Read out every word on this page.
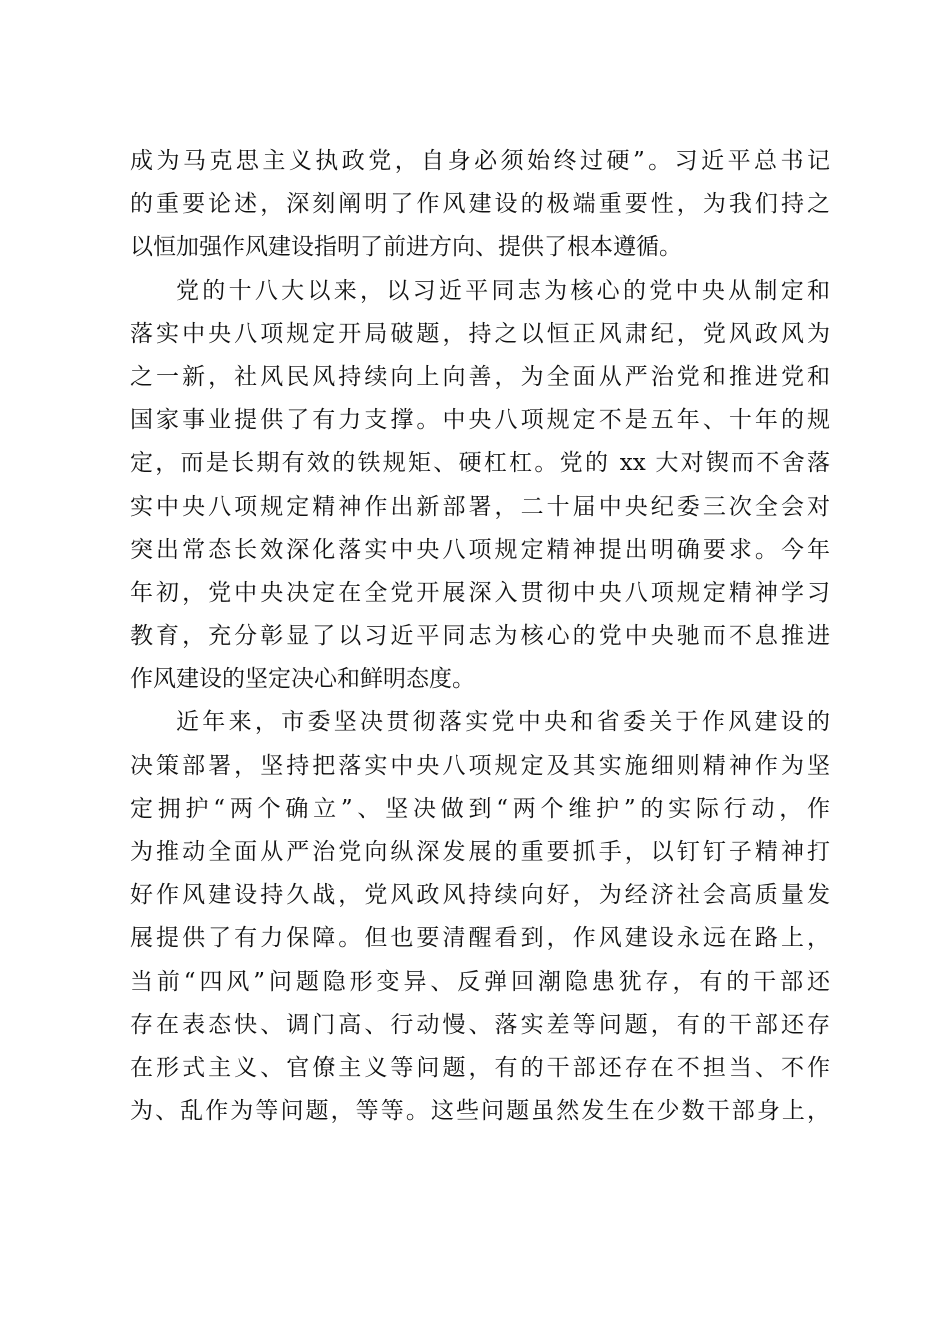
成为马克思主义执政党，自身必须始终过硬”。习近平总书记
的重要论述，深刻阐明了作风建设的极端重要性，为我们持之
以恒加强作风建设指明了前进方向、提供了根本遵循。
党的十八大以来，以习近平同志为核心的党中央从制定和
落实中央八项规定开局破题，持之以恒正风肃纪，党风政风为
之一新，社风民风持续向上向善，为全面从严治党和推进党和
国家事业提供了有力支撑。中央八项规定不是五年、十年的规
定，而是长期有效的铁规矩、硬杠杠。党的 xx 大对锲而不舍落
实中央八项规定精神作出新部署，二十届中央纪委三次全会对
突出常态长效深化落实中央八项规定精神提出明确要求。今年
年初，党中央决定在全党开展深入贯彻中央八项规定精神学习
教育，充分彰显了以习近平同志为核心的党中央驰而不息推进
作风建设的坚定决心和鲜明态度。
近年来，市委坚决贯彻落实党中央和省委关于作风建设的
决策部署，坚持把落实中央八项规定及其实施细则精神作为坚
定拥护“两个确立”、坚决做到“两个维护”的实际行动，作
为推动全面从严治党向纵深发展的重要抓手，以钉钉子精神打
好作风建设持久战，党风政风持续向好，为经济社会高质量发
展提供了有力保障。但也要清醒看到，作风建设永远在路上，
当前“四风”问题隐形变异、反弹回潮隐患犹存，有的干部还
存在表态快、调门高、行动慢、落实差等问题，有的干部还存
在形式主义、官僚主义等问题，有的干部还存在不担当、不作
为、乱作为等问题，等等。这些问题虽然发生在少数干部身上，
